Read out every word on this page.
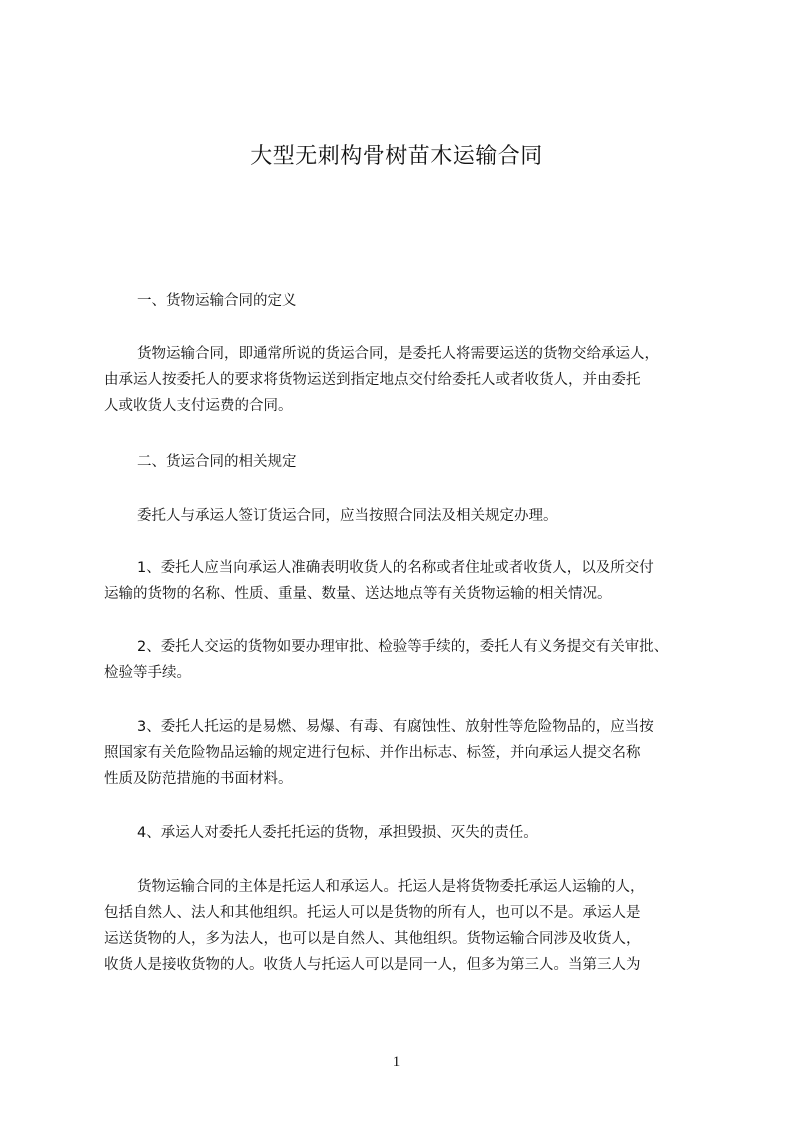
大型无刺构骨树苗木运输合同

一、货物运输合同的定义

货物运输合同，即通常所说的货运合同，是委托人将需要运送的货物交给承运人，
由承运人按委托人的要求将货物运送到指定地点交付给委托人或者收货人，并由委托
人或收货人支付运费的合同。

二、货运合同的相关规定

委托人与承运人签订货运合同，应当按照合同法及相关规定办理。

1、委托人应当向承运人准确表明收货人的名称或者住址或者收货人，以及所交付
运输的货物的名称、性质、重量、数量、送达地点等有关货物运输的相关情况。

2、委托人交运的货物如要办理审批、检验等手续的，委托人有义务提交有关审批、
检验等手续。

3、委托人托运的是易燃、易爆、有毒、有腐蚀性、放射性等危险物品的，应当按
照国家有关危险物品运输的规定进行包标、并作出标志、标签，并向承运人提交名称
性质及防范措施的书面材料。

4、承运人对委托人委托托运的货物，承担毁损、灭失的责任。

货物运输合同的主体是托运人和承运人。托运人是将货物委托承运人运输的人，
包括自然人、法人和其他组织。托运人可以是货物的所有人，也可以不是。承运人是
运送货物的人，多为法人，也可以是自然人、其他组织。货物运输合同涉及收货人，
收货人是接收货物的人。收货人与托运人可以是同一人，但多为第三人。当第三人为

1
